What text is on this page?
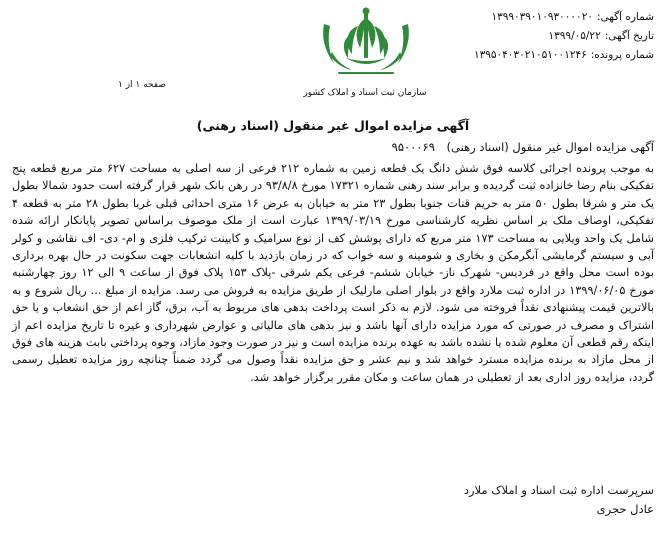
شماره آگهی:
۱۳۹۹۰۳۹۰۱۰۹۳۰۰۰۰۲۰
تاریخ آگهی:
۱۳۹۹/۰۵/۲۲
شماره پرونده:
۱۳۹۵۰۴۰۳۰۲۱۰۵۱۰۰۱۲۴۶
سازمان ثبت اسناد و املاک کشور
صفحه ۱ از ۱
آگهی مزایده اموال غیر منقول (اسناد رهنی)
آگهی مزایده اموال غیر منقول (اسناد رهنی) ۹۵۰۰۰۶۹
به موجب پرونده اجرائی کلاسه فوق شش دانگ یک قطعه زمین به شماره ۲۱۲ فرعی از سه اصلی به مساحت ۶۲۷ متر مربع قطعه پنج تفکیکی بنام رضا خانزاده ثبت گردیده و برابر سند رهنی شماره ۱۷۳۲۱ مورخ ۹۳/۸/۸ در رهن بانک شهر قرار گرفته است حدود شمالا بطول یک متر و شرقا بطول ۵۰ متر به حریم قنات جنوبا بطول ۲۳ متر به خیابان به عرض ۱۶ متری احداثی قبلی غربا بطول ۲۸ متر به قطعه ۴ تفکیکی، اوصاف ملک بر اساس نظریه کارشناسی مورخ ۱۳۹۹/۰۳/۱۹ عبارت است از ملک موصوف براساس تصویر پایانکار ارائه شده شامل یک واحد ویلایی به مساحت ۱۷۳ متر مربع که دارای پوشش کف از نوع سرامیک و کابینت ترکیب فلزی و ام- دی- اف نقاشی و کولر آبی و سیستم گرمایشی آبگرمکن و بخاری و شومینه و سه خواب که در زمان بازدید با کلیه انشعابات جهت سکونت در حال بهره برداری بوده است محل واقع در فردیس- شهرک ناز- خیابان ششم- فرعی یکم شرقی -پلاک ۱۵۳ پلاک فوق از ساعت ۹ الی ۱۲ روز چهارشنبه مورخ ۱۳۹۹/۰۶/۰۵ در اداره ثبت ملارد واقع در بلوار اصلی مارلیک از طریق مزایده به فروش می رسد. مزایده از مبلغ ... ریال شروع و به بالاترین قیمت پیشنهادی نقداً فروخته می شود. لازم به ذکر است پرداخت بدهی های مربوط به آب، برق، گاز اعم از حق انشعاب و یا حق اشتراک و مصرف در صورتی که مورد مزایده دارای آنها باشد و نیز بدهی های مالیاتی و عوارض شهرداری و غیره تا تاریخ مزایده اعم از اینکه رقم قطعی آن معلوم شده یا نشده باشد به عهده برنده مزایده است و نیز در صورت وجود مازاد، وجوه پرداختی بابت هزینه های فوق از محل مازاد به برنده مزایده مسترد خواهد شد و نیم عشر و حق مزایده نقداً وصول می گردد ضمناً چنانچه روز مزایده تعطیل رسمی گردد، مزایده روز اداری بعد از تعطیلی در همان ساعت و مکان مقرر برگزار خواهد شد.
سرپرست اداره ثبت اسناد و املاک ملارد
عادل حجری
